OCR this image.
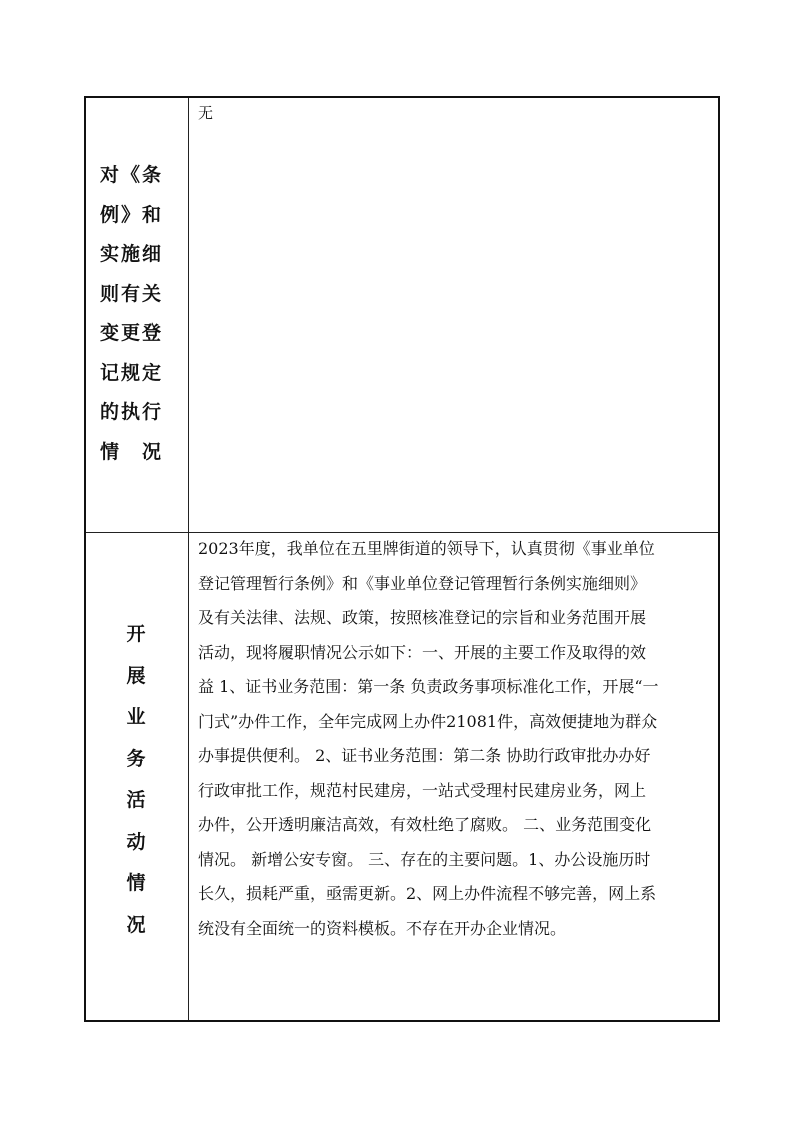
对《条
例》和
实施细
则有关
变更登
记规定
的执行
情　况
无
开
展
业
务
活
动
情
况
2023年度，我单位在五里牌街道的领导下，认真贯彻《事业单位
登记管理暂行条例》和《事业单位登记管理暂行条例实施细则》
及有关法律、法规、政策，按照核准登记的宗旨和业务范围开展
活动，现将履职情况公示如下：一、开展的主要工作及取得的效
益 1、证书业务范围：第一条 负责政务事项标准化工作，开展“一
门式”办件工作，全年完成网上办件21081件，高效便捷地为群众
办事提供便利。 2、证书业务范围：第二条 协助行政审批办办好
行政审批工作，规范村民建房，一站式受理村民建房业务，网上
办件，公开透明廉洁高效，有效杜绝了腐败。 二、业务范围变化
情况。 新增公安专窗。 三、存在的主要问题。1、办公设施历时
长久，损耗严重，亟需更新。2、网上办件流程不够完善，网上系
统没有全面统一的资料模板。不存在开办企业情况。
